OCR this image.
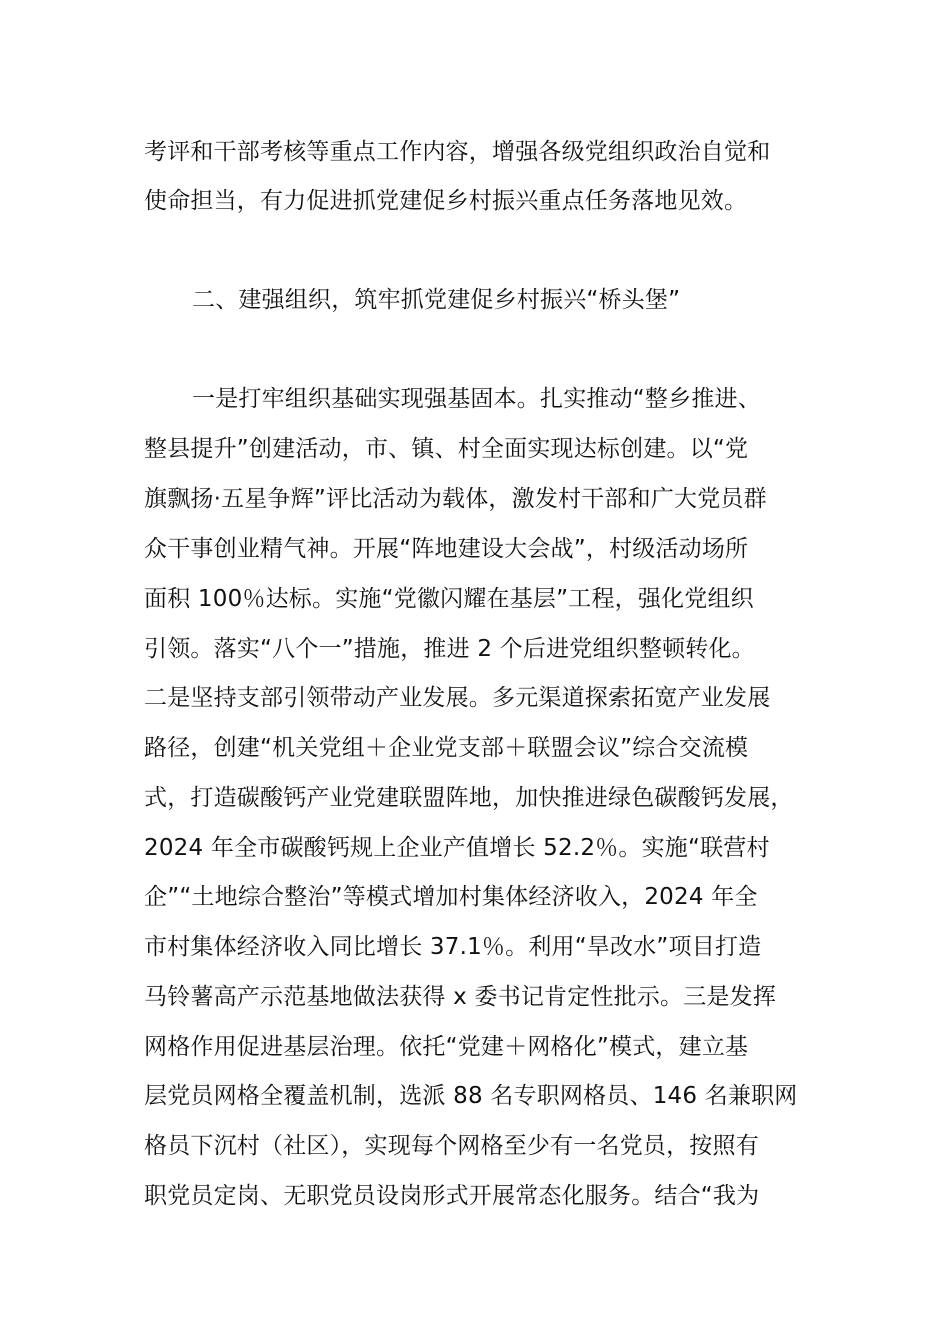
考评和干部考核等重点工作内容，增强各级党组织政治自觉和
使命担当，有力促进抓党建促乡村振兴重点任务落地见效。
二、建强组织，筑牢抓党建促乡村振兴“桥头堡”
一是打牢组织基础实现强基固本。扎实推动“整乡推进、
整县提升”创建活动，市、镇、村全面实现达标创建。以“党
旗飘扬·五星争辉”评比活动为载体，激发村干部和广大党员群
众干事创业精气神。开展“阵地建设大会战”，村级活动场所
面积 100％达标。实施“党徽闪耀在基层”工程，强化党组织
引领。落实“八个一”措施，推进 2 个后进党组织整顿转化。
二是坚持支部引领带动产业发展。多元渠道探索拓宽产业发展
路径，创建“机关党组＋企业党支部＋联盟会议”综合交流模
式，打造碳酸钙产业党建联盟阵地，加快推进绿色碳酸钙发展，
2024 年全市碳酸钙规上企业产值增长 52.2％。实施“联营村
企”“土地综合整治”等模式增加村集体经济收入，2024 年全
市村集体经济收入同比增长 37.1％。利用“旱改水”项目打造
马铃薯高产示范基地做法获得 x 委书记肯定性批示。三是发挥
网格作用促进基层治理。依托“党建＋网格化”模式，建立基
层党员网格全覆盖机制，选派 88 名专职网格员、146 名兼职网
格员下沉村（社区），实现每个网格至少有一名党员，按照有
职党员定岗、无职党员设岗形式开展常态化服务。结合“我为
